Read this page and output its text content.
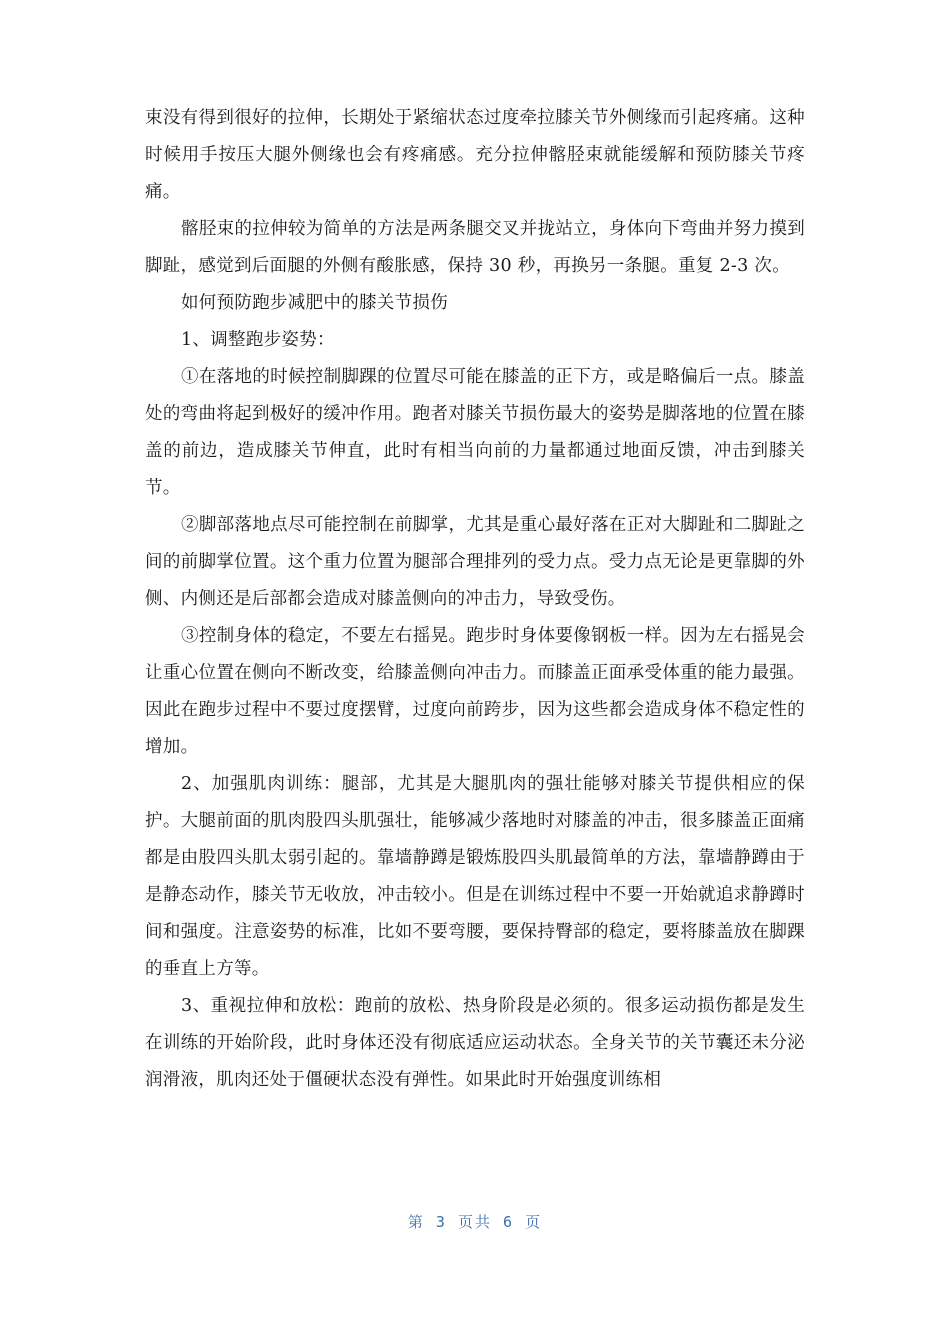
束没有得到很好的拉伸，长期处于紧缩状态过度牵拉膝关节外侧缘而引起疼痛。这种时候用手按压大腿外侧缘也会有疼痛感。充分拉伸髂胫束就能缓解和预防膝关节疼痛。

髂胫束的拉伸较为简单的方法是两条腿交叉并拢站立，身体向下弯曲并努力摸到脚趾，感觉到后面腿的外侧有酸胀感，保持 30 秒，再换另一条腿。重复 2-3 次。

如何预防跑步减肥中的膝关节损伤

1、调整跑步姿势：

①在落地的时候控制脚踝的位置尽可能在膝盖的正下方，或是略偏后一点。膝盖处的弯曲将起到极好的缓冲作用。跑者对膝关节损伤最大的姿势是脚落地的位置在膝盖的前边，造成膝关节伸直，此时有相当向前的力量都通过地面反馈，冲击到膝关节。

②脚部落地点尽可能控制在前脚掌，尤其是重心最好落在正对大脚趾和二脚趾之间的前脚掌位置。这个重力位置为腿部合理排列的受力点。受力点无论是更靠脚的外侧、内侧还是后部都会造成对膝盖侧向的冲击力，导致受伤。

③控制身体的稳定，不要左右摇晃。跑步时身体要像钢板一样。因为左右摇晃会让重心位置在侧向不断改变，给膝盖侧向冲击力。而膝盖正面承受体重的能力最强。因此在跑步过程中不要过度摆臂，过度向前跨步，因为这些都会造成身体不稳定性的增加。

2、加强肌肉训练：腿部，尤其是大腿肌肉的强壮能够对膝关节提供相应的保护。大腿前面的肌肉股四头肌强壮，能够减少落地时对膝盖的冲击，很多膝盖正面痛都是由股四头肌太弱引起的。靠墙静蹲是锻炼股四头肌最简单的方法，靠墙静蹲由于是静态动作，膝关节无收放，冲击较小。但是在训练过程中不要一开始就追求静蹲时间和强度。注意姿势的标准，比如不要弯腰，要保持臀部的稳定，要将膝盖放在脚踝的垂直上方等。

3、重视拉伸和放松：跑前的放松、热身阶段是必须的。很多运动损伤都是发生在训练的开始阶段，此时身体还没有彻底适应运动状态。全身关节的关节囊还未分泌润滑液，肌肉还处于僵硬状态没有弹性。如果此时开始强度训练相

第 3 页共 6 页
